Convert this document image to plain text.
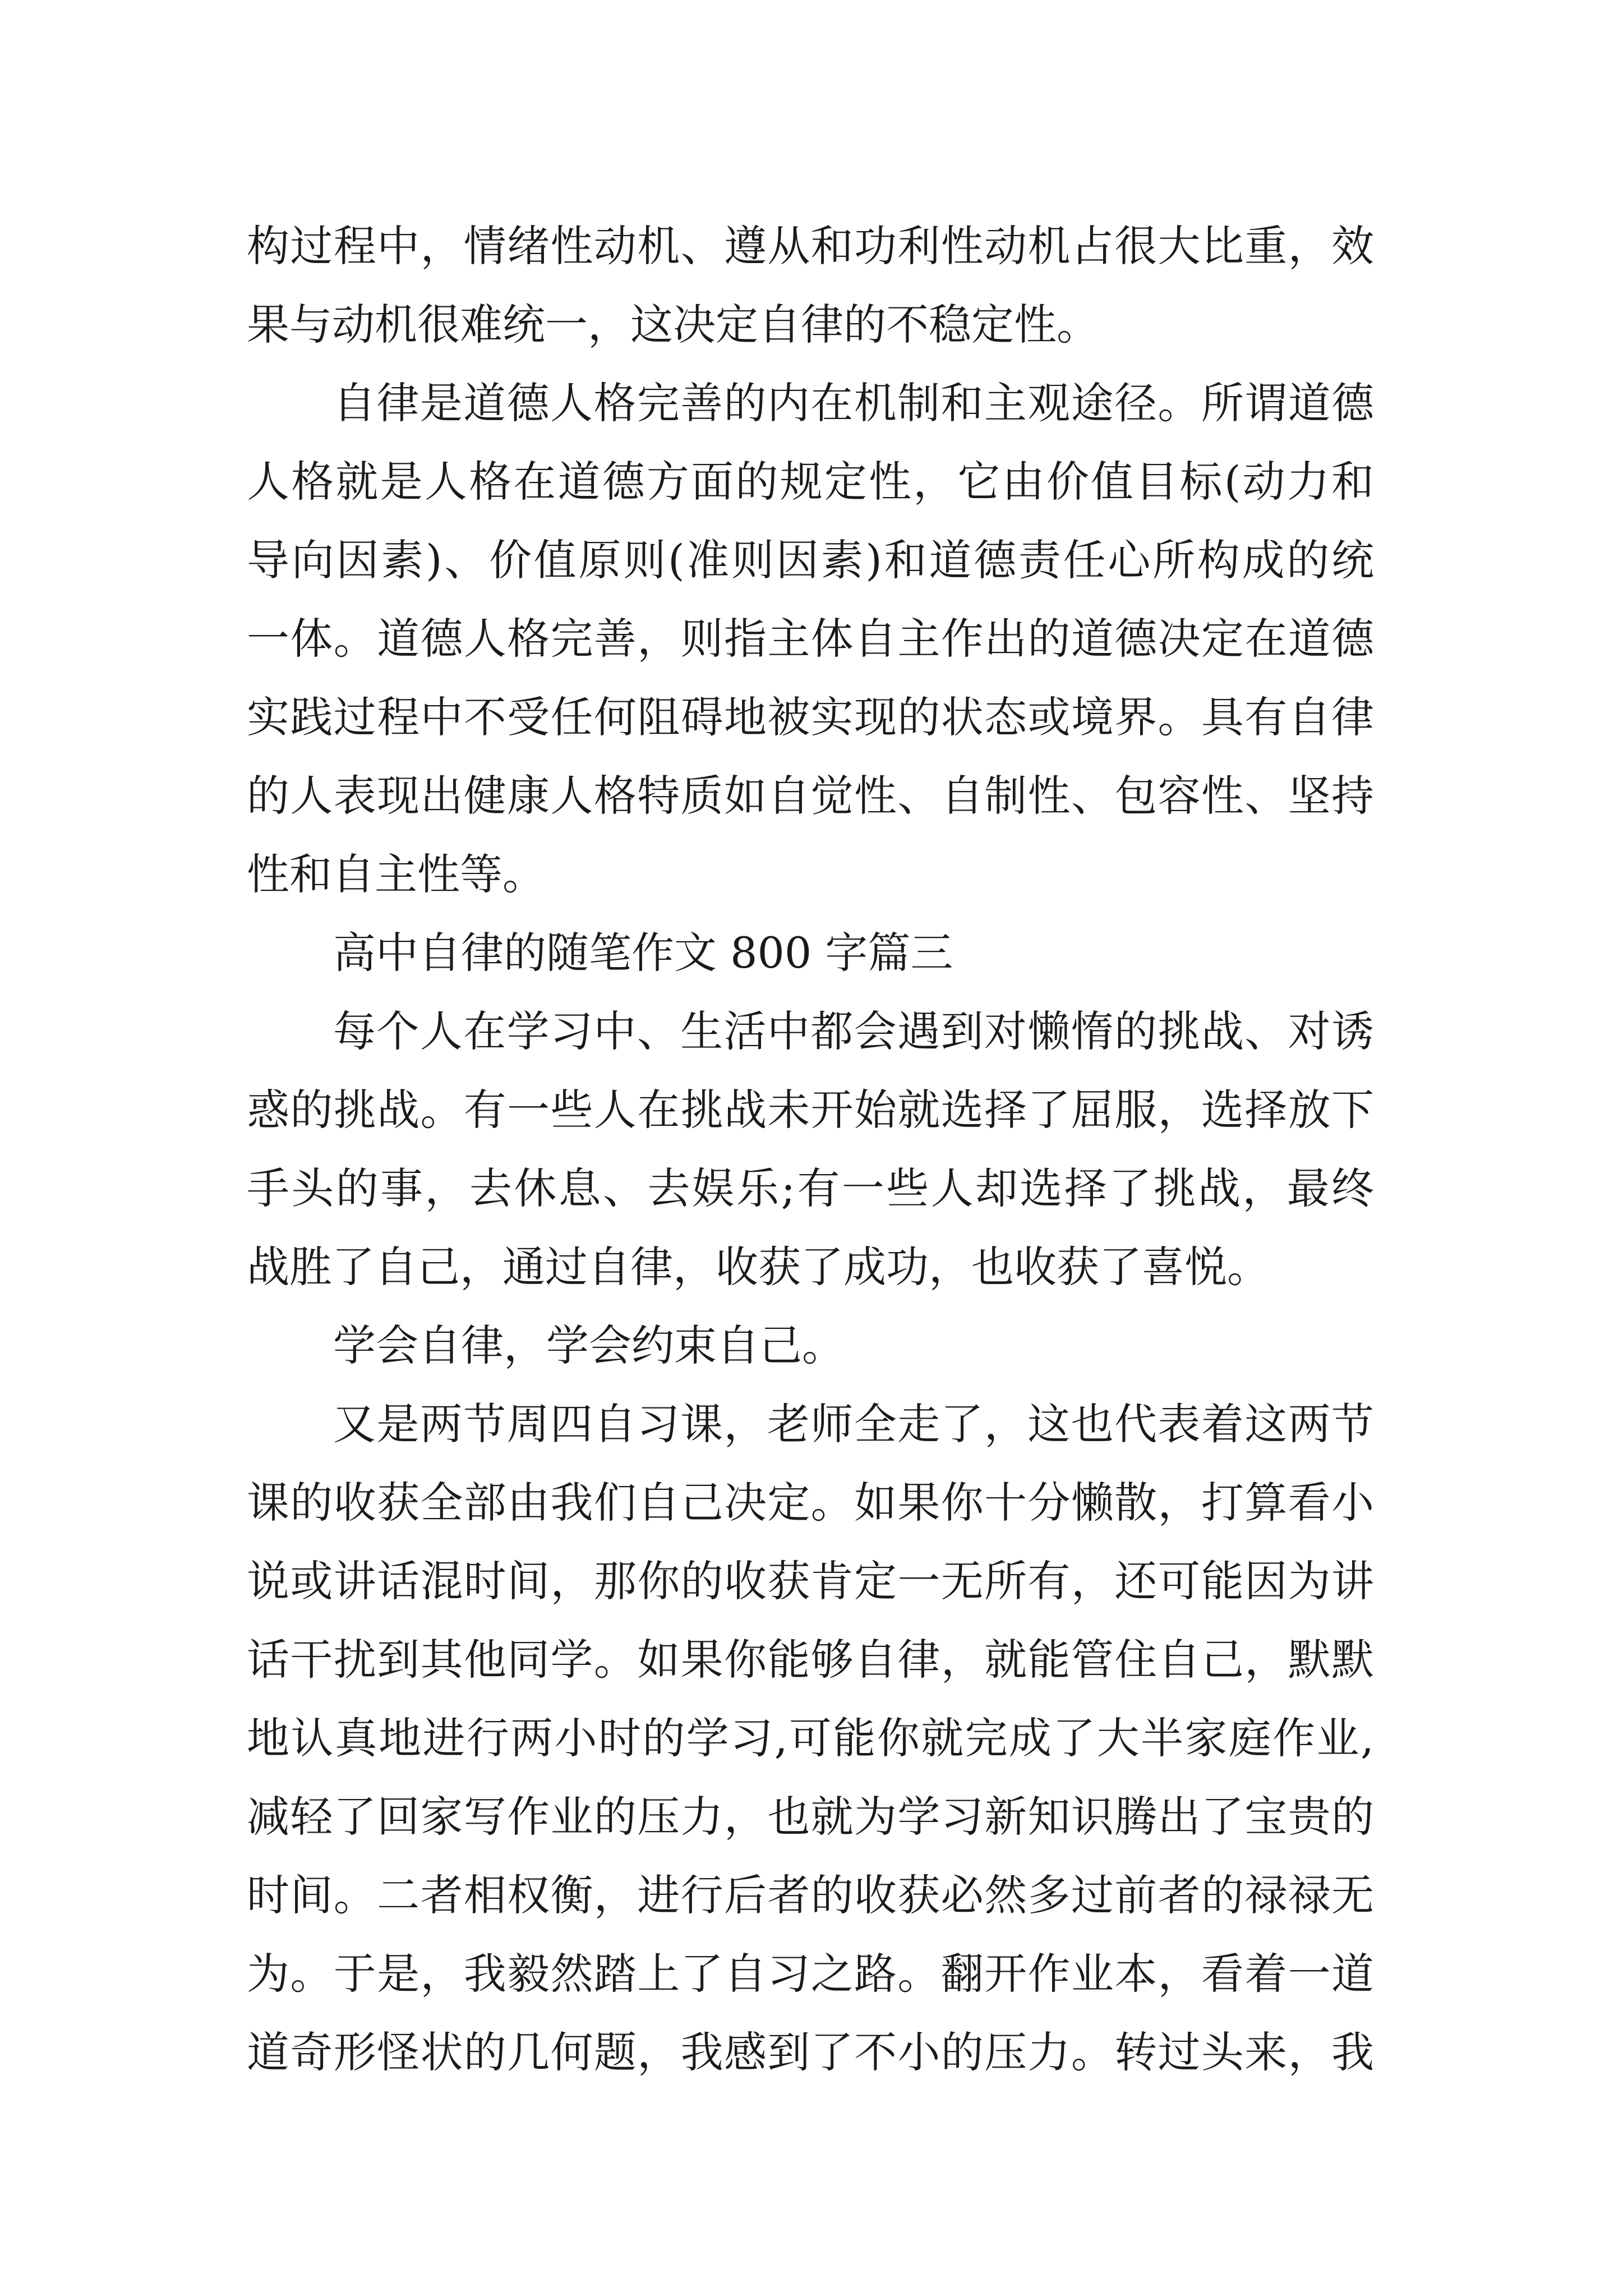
构过程中，情绪性动机、遵从和功利性动机占很大比重，效
果与动机很难统一，这决定自律的不稳定性。
自律是道德人格完善的内在机制和主观途径。所谓道德
人格就是人格在道德方面的规定性，它由价值目标(动力和
导向因素)、价值原则(准则因素)和道德责任心所构成的统
一体。道德人格完善，则指主体自主作出的道德决定在道德
实践过程中不受任何阻碍地被实现的状态或境界。具有自律
的人表现出健康人格特质如自觉性、自制性、包容性、坚持
性和自主性等。
高中自律的随笔作文 800 字篇三
每个人在学习中、生活中都会遇到对懒惰的挑战、对诱
惑的挑战。有一些人在挑战未开始就选择了屈服，选择放下
手头的事，去休息、去娱乐;有一些人却选择了挑战，最终
战胜了自己，通过自律，收获了成功，也收获了喜悦。
学会自律，学会约束自己。
又是两节周四自习课，老师全走了，这也代表着这两节
课的收获全部由我们自己决定。如果你十分懒散，打算看小
说或讲话混时间，那你的收获肯定一无所有，还可能因为讲
话干扰到其他同学。如果你能够自律，就能管住自己，默默
地认真地进行两小时的学习,可能你就完成了大半家庭作业,
减轻了回家写作业的压力，也就为学习新知识腾出了宝贵的
时间。二者相权衡，进行后者的收获必然多过前者的禄禄无
为。于是，我毅然踏上了自习之路。翻开作业本，看着一道
道奇形怪状的几何题，我感到了不小的压力。转过头来，我
